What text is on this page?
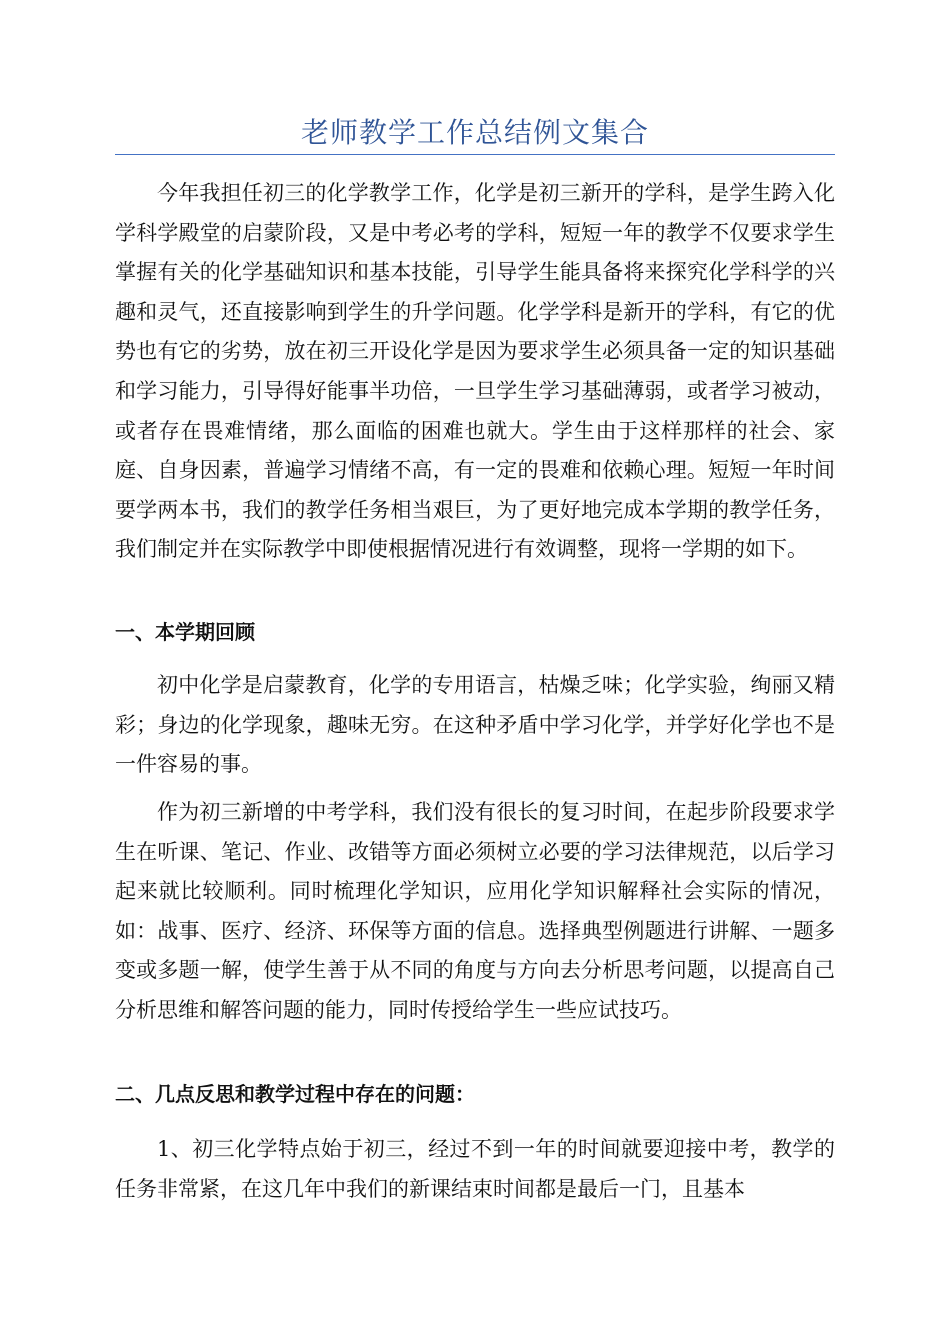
老师教学工作总结例文集合

今年我担任初三的化学教学工作，化学是初三新开的学科，是学生跨入化学科学殿堂的启蒙阶段，又是中考必考的学科，短短一年的教学不仅要求学生掌握有关的化学基础知识和基本技能，引导学生能具备将来探究化学科学的兴趣和灵气，还直接影响到学生的升学问题。化学学科是新开的学科，有它的优势也有它的劣势，放在初三开设化学是因为要求学生必须具备一定的知识基础和学习能力，引导得好能事半功倍，一旦学生学习基础薄弱，或者学习被动，或者存在畏难情绪，那么面临的困难也就大。学生由于这样那样的社会、家庭、自身因素，普遍学习情绪不高，有一定的畏难和依赖心理。短短一年时间要学两本书，我们的教学任务相当艰巨，为了更好地完成本学期的教学任务，我们制定并在实际教学中即使根据情况进行有效调整，现将一学期的如下。

一、本学期回顾

初中化学是启蒙教育，化学的专用语言，枯燥乏味；化学实验，绚丽又精彩；身边的化学现象，趣味无穷。在这种矛盾中学习化学，并学好化学也不是一件容易的事。

作为初三新增的中考学科，我们没有很长的复习时间，在起步阶段要求学生在听课、笔记、作业、改错等方面必须树立必要的学习法律规范，以后学习起来就比较顺利。同时梳理化学知识，应用化学知识解释社会实际的情况，如：战事、医疗、经济、环保等方面的信息。选择典型例题进行讲解、一题多变或多题一解，使学生善于从不同的角度与方向去分析思考问题，以提高自己分析思维和解答问题的能力，同时传授给学生一些应试技巧。

二、几点反思和教学过程中存在的问题：

1、初三化学特点始于初三，经过不到一年的时间就要迎接中考，教学的任务非常紧，在这几年中我们的新课结束时间都是最后一门，且基本
